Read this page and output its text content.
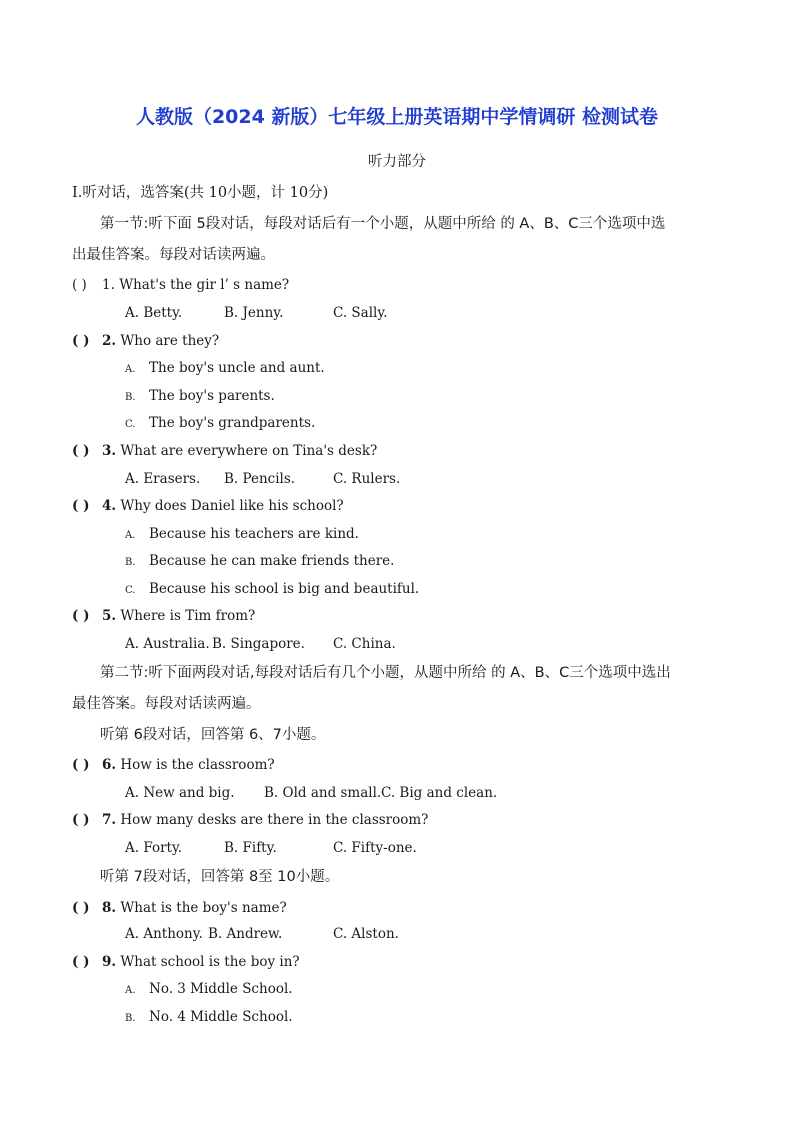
人教版（2024 新版）七年级上册英语期中学情调研 检测试卷
听力部分
I.听对话，选答案(共 10小题，计 10分)
第一节:听下面 5段对话，每段对话后有一个小题，从题中所给 的 A、B、C三个选项中选
出最佳答案。每段对话读两遍。
( ) 1. What's the gir l’ s name?
A. Betty.	B. Jenny.	C. Sally.
( ) 2. Who are they?
A. The boy's uncle and aunt.
B. The boy's parents.
C. The boy's grandparents.
( ) 3. What are everywhere on Tina's desk?
A. Erasers. B. Pencils.	C. Rulers.
( ) 4. Why does Daniel like his school?
A. Because his teachers are kind.
B. Because he can make friends there.
C. Because his school is big and beautiful.
( ) 5. Where is Tim from?
A. Australia. B. Singapore. C. China.
第二节:听下面两段对话,每段对话后有几个小题，从题中所给 的 A、B、C三个选项中选出
最佳答案。每段对话读两遍。
听第 6段对话，回答第 6、7小题。
( ) 6. How is the classroom?
A. New and big. B. Old and small. C. Big and clean.
( ) 7. How many desks are there in the classroom?
A. Forty.	B. Fifty.	C. Fifty-one.
听第 7段对话，回答第 8至 10小题。
( ) 8. What is the boy's name?
A. Anthony. B. Andrew.	C. Alston.
( ) 9. What school is the boy in?
A. No. 3 Middle School.
B. No. 4 Middle School.
